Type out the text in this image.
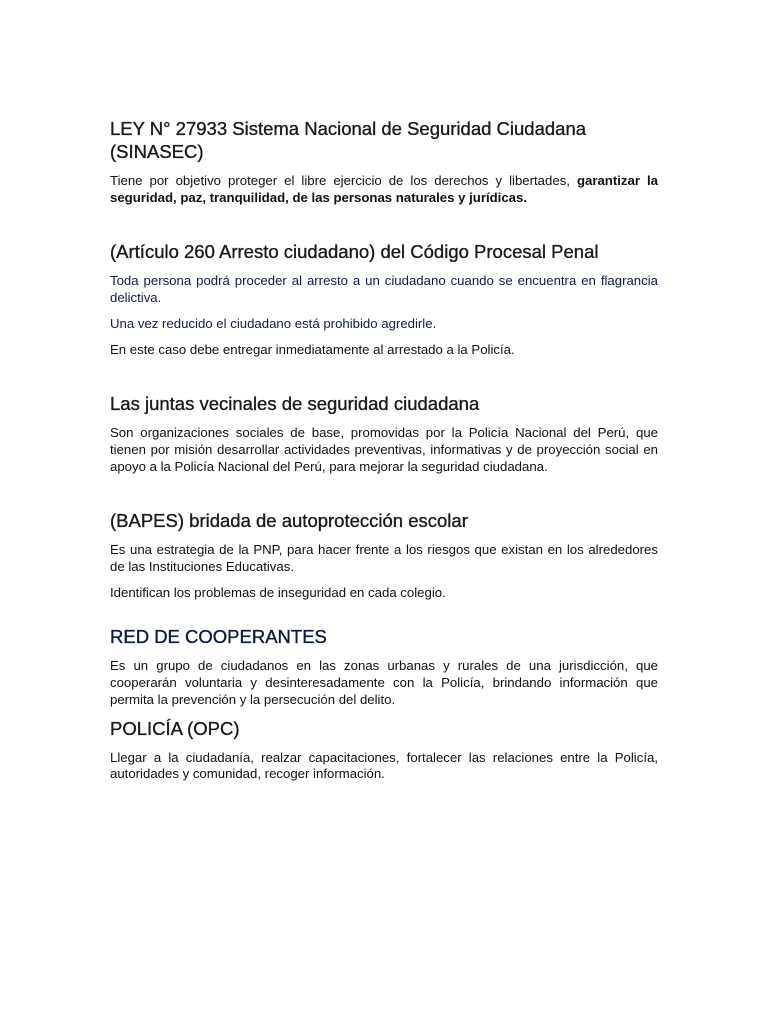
LEY N° 27933 Sistema Nacional de Seguridad Ciudadana (SINASEC)

Tiene por objetivo proteger el libre ejercicio de los derechos y libertades, garantizar la seguridad, paz, tranquilidad, de las personas naturales y jurídicas.

(Artículo 260 Arresto ciudadano) del Código Procesal Penal

Toda persona podrá proceder al arresto a un ciudadano cuando se encuentra en flagrancia delictiva.

Una vez reducido el ciudadano está prohibido agredirle.

En este caso debe entregar inmediatamente al arrestado a la Policía.

Las juntas vecinales de seguridad ciudadana

Son organizaciones sociales de base, promovidas por la Policía Nacional del Perú, que tienen por misión desarrollar actividades preventivas, informativas y de proyección social en apoyo a la Policía Nacional del Perú, para mejorar la seguridad ciudadana.

(BAPES) bridada de autoprotección escolar

Es una estrategia de la PNP, para hacer frente a los riesgos que existan en los alrededores de las Instituciones Educativas.

Identifican los problemas de inseguridad en cada colegio.

RED DE COOPERANTES

Es un grupo de ciudadanos en las zonas urbanas y rurales de una jurisdicción, que cooperarán voluntaria y desinteresadamente con la Policía, brindando información que permita la prevención y la persecución del delito.

POLICÍA (OPC)

Llegar a la ciudadanía, realzar capacitaciones, fortalecer las relaciones entre la Policía, autoridades y comunidad, recoger información.
